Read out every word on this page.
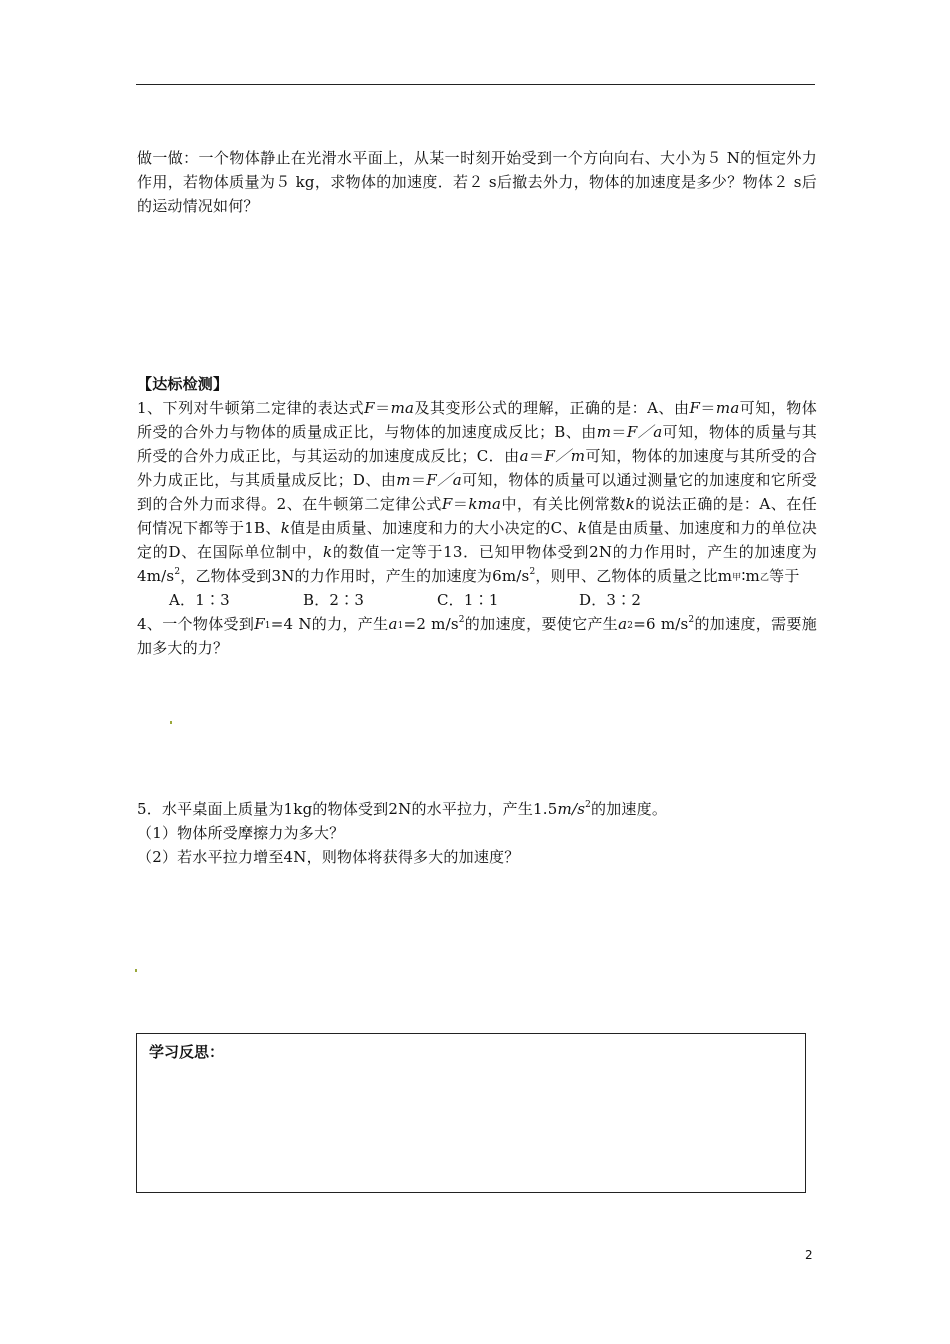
做一做：一个物体静止在光滑水平面上，从某一时刻开始受到一个方向向右、大小为５ N的恒定外力作用，若物体质量为５ kg，求物体的加速度．若２ s后撤去外力，物体的加速度是多少？物体２ s后的运动情况如何？

【达标检测】

1、下列对牛顿第二定律的表达式F＝ma及其变形公式的理解，正确的是：A、由F＝ma可知，物体所受的合外力与物体的质量成正比，与物体的加速度成反比；B、由m＝F／a可知，物体的质量与其所受的合外力成正比，与其运动的加速度成反比；C．由a＝F／m可知，物体的加速度与其所受的合外力成正比，与其质量成反比；D、由m＝F／a可知，物体的质量可以通过测量它的加速度和它所受到的合外力而求得。2、在牛顿第二定律公式F＝kma中，有关比例常数k的说法正确的是：A、在任何情况下都等于1B、k值是由质量、加速度和力的大小决定的C、k值是由质量、加速度和力的单位决定的D、在国际单位制中，k的数值一定等于13．已知甲物体受到2N的力作用时，产生的加速度为$4m/s^2$，乙物体受到3N的力作用时，产生的加速度为$6m/s^2$，则甲、乙物体的质量之比$m_甲∶m_乙$等于

A．1∶3	B．2∶3	C．1∶1	D．3∶2

4、一个物体受到$F_1=4$ N的力，产生$a_1=2$ $m/s^2$的加速度，要使它产生$a_2=6$ $m/s^2$的加速度，需要施加多大的力？

5．水平桌面上质量为1kg的物体受到2N的水平拉力，产生$1.5m/s^2$的加速度。

（1）物体所受摩擦力为多大？

（2）若水平拉力增至4N，则物体将获得多大的加速度？

学习反思：
2
